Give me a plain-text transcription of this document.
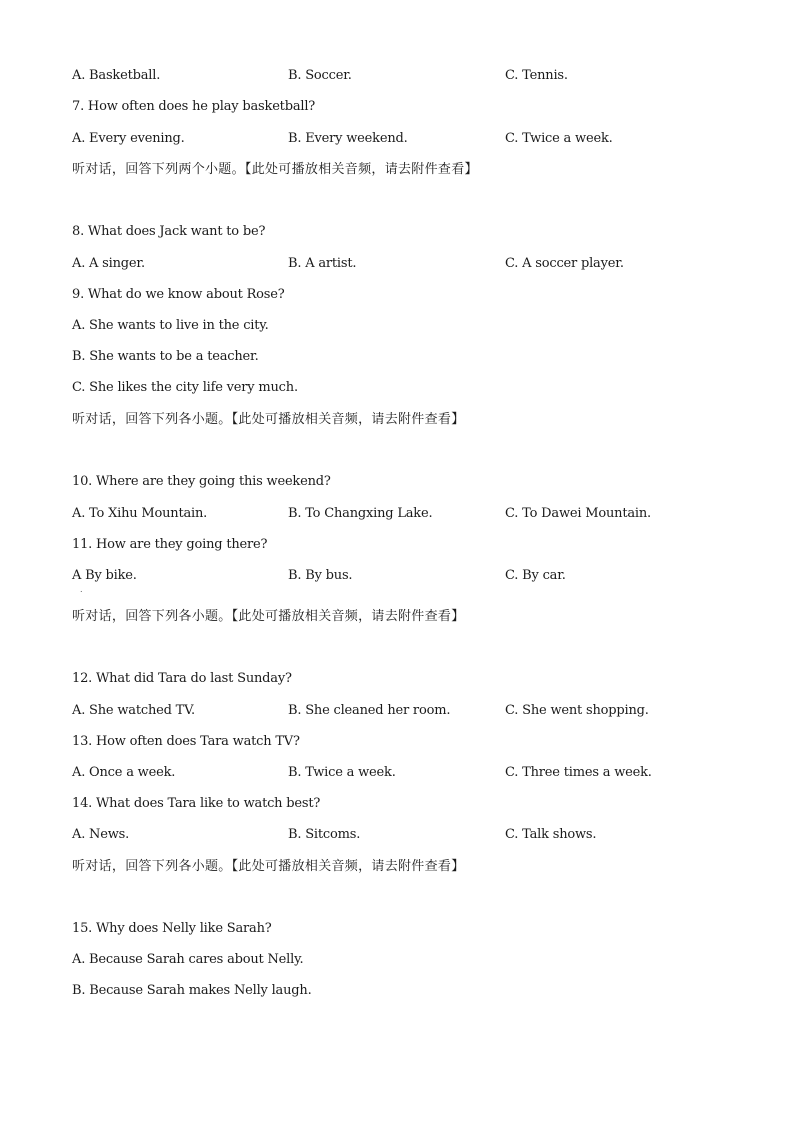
A. Basketball.	B. Soccer.	C. Tennis.
7. How often does he play basketball?
A. Every evening.	B. Every weekend.	C. Twice a week.
听对话，回答下列两个小题。【此处可播放相关音频，请去附件查看】
8. What does Jack want to be?
A. A singer.	B. A artist.	C. A soccer player.
9. What do we know about Rose?
A. She wants to live in the city.
B. She wants to be a teacher.
C. She likes the city life very much.
听对话，回答下列各小题。【此处可播放相关音频，请去附件查看】
10. Where are they going this weekend?
A. To Xihu Mountain.	B. To Changxing Lake.	C. To Dawei Mountain.
11. How are they going there?
A By bike.	B. By bus.	C. By car.
.
听对话，回答下列各小题。【此处可播放相关音频，请去附件查看】
12. What did Tara do last Sunday?
A. She watched TV.	B. She cleaned her room.	C. She went shopping.
13. How often does Tara watch TV?
A. Once a week.	B. Twice a week.	C. Three times a week.
14. What does Tara like to watch best?
A. News.	B. Sitcoms.	C. Talk shows.
听对话，回答下列各小题。【此处可播放相关音频，请去附件查看】
15. Why does Nelly like Sarah?
A. Because Sarah cares about Nelly.
B. Because Sarah makes Nelly laugh.
